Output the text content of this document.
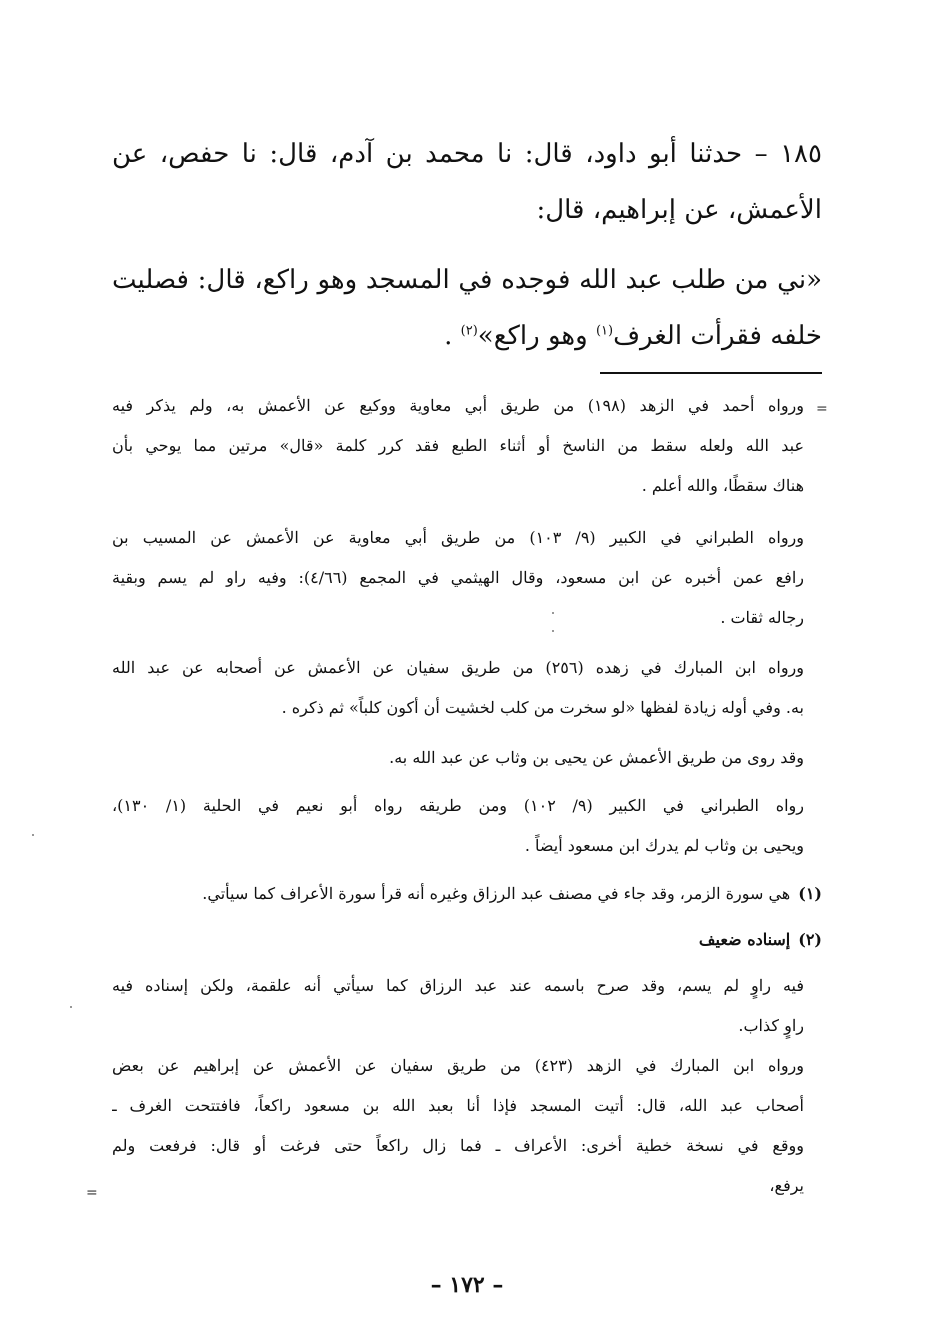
١٨٥ – حدثنا أبو داود، قال: نا محمد بن آدم، قال: نا حفص، عن
الأعمش، عن إبراهيم، قال:
«ني من طلب عبد الله فوجده في المسجد وهو راكع، قال: فصليت
خلفه فقرأت الغرف$^{(١)}$ وهو راكع»$^{(٢)}$ .
=
=
ورواه أحمد في الزهد (١٩٨) من طريق أبي معاوية ووكيع عن الأعمش به، ولم يذكر فيه
عبد الله ولعله سقط من الناسخ أو أثناء الطبع فقد كرر كلمة «قال» مرتين مما يوحي بأن
هناك سقطًا، والله أعلم .
ورواه الطبراني في الكبير (٩/ ١٠٣) من طريق أبي معاوية عن الأعمش عن المسيب بن
رافع عمن أخبره عن ابن مسعود، وقال الهيثمي في المجمع (٤/٦٦): وفيه راو لم يسم وبقية
رجاله ثقات .
ورواه ابن المبارك في زهده (٢٥٦) من طريق سفيان عن الأعمش عن أصحابه عن عبد الله
به. وفي أوله زيادة لفظها «لو سخرت من كلب لخشيت أن أكون كلباً» ثم ذكره .
وقد روى من طريق الأعمش عن يحيى بن وثاب عن عبد الله به.
رواه الطبراني في الكبير (٩/ ١٠٢) ومن طريقه رواه أبو نعيم في الحلية (١/ ١٣٠)،
ويحيى بن وثاب لم يدرك ابن مسعود أيضاً .
(١)هي سورة الزمر، وقد جاء في مصنف عبد الرزاق وغيره أنه قرأ سورة الأعراف كما سيأتي.
(٢)إسناده ضعيف
فيه راوٍ لم يسم، وقد صرح باسمه عند عبد الرزاق كما سيأتي أنه علقمة، ولكن إسناده فيه
راوٍ كذاب.
ورواه ابن المبارك في الزهد (٤٢٣) من طريق سفيان عن الأعمش عن إبراهيم عن بعض
أصحاب عبد الله، قال: أتيت المسجد فإذا أنا بعبد الله بن مسعود راكعاً، فافتتحت الغرف ـ
ووقع في نسخة خطية أخرى: الأعراف ـ فما زال راكعاً حتى فرغت أو قال: فرفعت ولم
يرفع،
– ١٧٢ –
